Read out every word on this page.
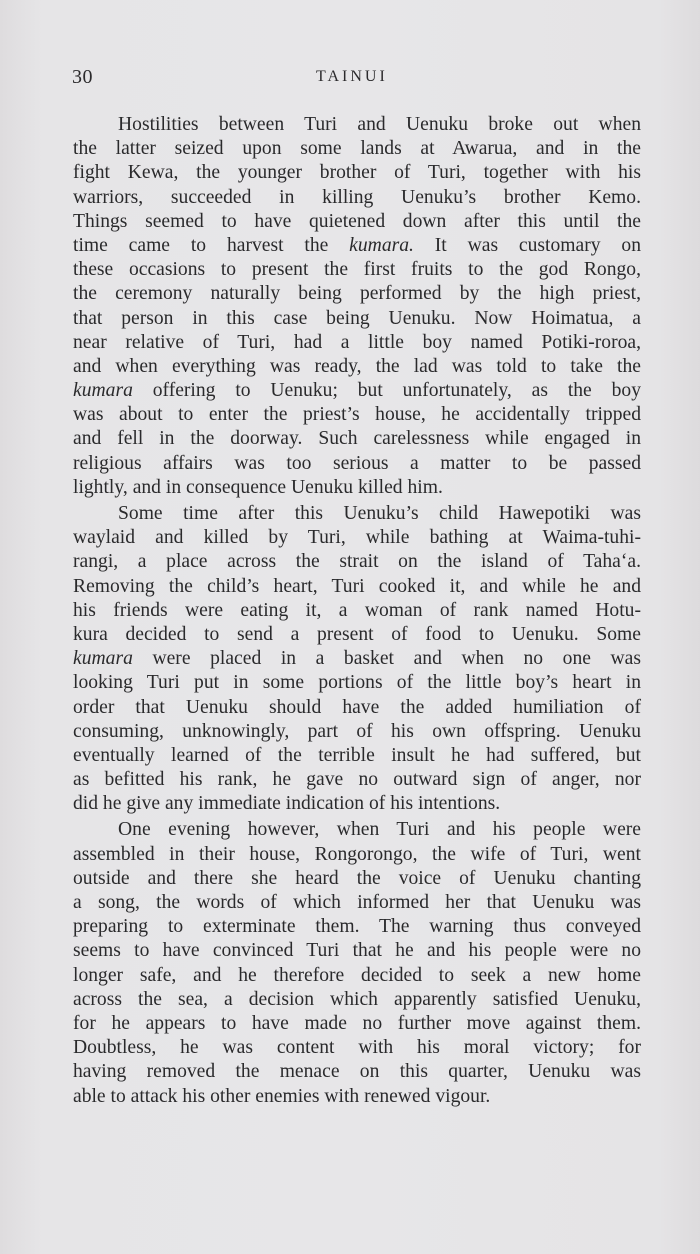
30	TAINUI
Hostilities between Turi and Uenuku broke out when
the latter seized upon some lands at Awarua, and in the
fight Kewa, the younger brother of Turi, together with his
warriors, succeeded in killing Uenuku’s brother Kemo.
Things seemed to have quietened down after this until the
time came to harvest the kumara. It was customary on
these occasions to present the first fruits to the god Rongo,
the ceremony naturally being performed by the high priest,
that person in this case being Uenuku. Now Hoimatua, a
near relative of Turi, had a little boy named Potiki-roroa,
and when everything was ready, the lad was told to take the
kumara offering to Uenuku; but unfortunately, as the boy
was about to enter the priest’s house, he accidentally tripped
and fell in the doorway. Such carelessness while engaged in
religious affairs was too serious a matter to be passed
lightly, and in consequence Uenuku killed him.
Some time after this Uenuku’s child Hawepotiki was
waylaid and killed by Turi, while bathing at Waima-tuhi-
rangi, a place across the strait on the island of Taha‘a.
Removing the child’s heart, Turi cooked it, and while he and
his friends were eating it, a woman of rank named Hotu-
kura decided to send a present of food to Uenuku. Some
kumara were placed in a basket and when no one was
looking Turi put in some portions of the little boy’s heart in
order that Uenuku should have the added humiliation of
consuming, unknowingly, part of his own offspring. Uenuku
eventually learned of the terrible insult he had suffered, but
as befitted his rank, he gave no outward sign of anger, nor
did he give any immediate indication of his intentions.
One evening however, when Turi and his people were
assembled in their house, Rongorongo, the wife of Turi, went
outside and there she heard the voice of Uenuku chanting
a song, the words of which informed her that Uenuku was
preparing to exterminate them. The warning thus conveyed
seems to have convinced Turi that he and his people were no
longer safe, and he therefore decided to seek a new home
across the sea, a decision which apparently satisfied Uenuku,
for he appears to have made no further move against them.
Doubtless, he was content with his moral victory; for
having removed the menace on this quarter, Uenuku was
able to attack his other enemies with renewed vigour.
